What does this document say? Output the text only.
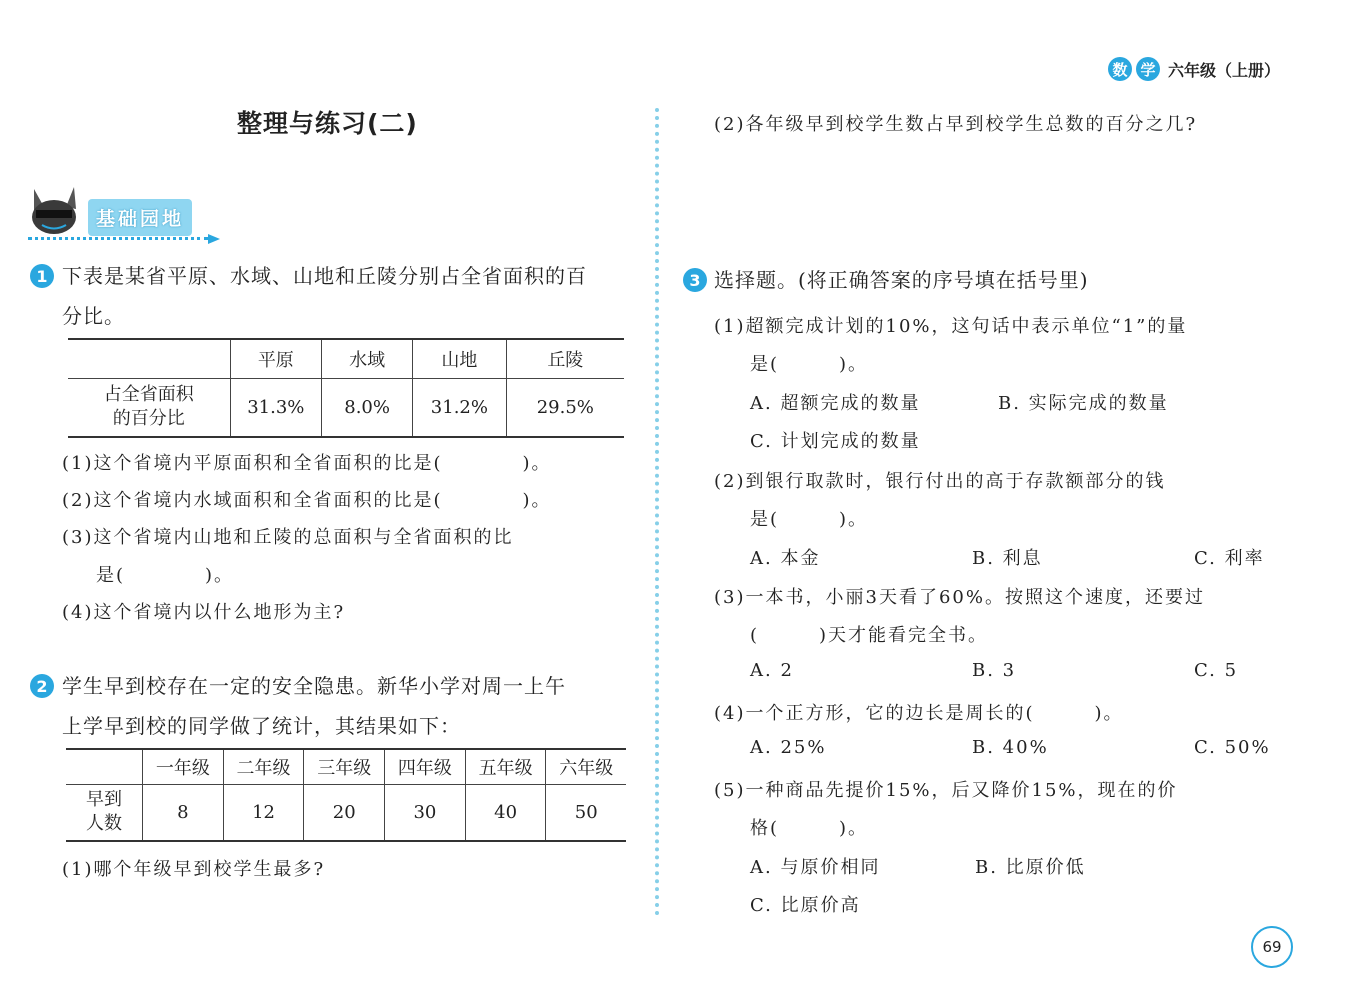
数 学 六年级（上册）
整理与练习(二)
基础园地
1 下表是某省平原、水域、山地和丘陵分别占全省面积的百
分比。
	平原	水域	山地	丘陵

占全省面积
的百分比	31.3%	8.0%	31.2%	29.5%
(1)这个省境内平原面积和全省面积的比是(　　　　)。
(2)这个省境内水域面积和全省面积的比是(　　　　)。
(3)这个省境内山地和丘陵的总面积与全省面积的比
是(　　　　)。
(4)这个省境内以什么地形为主?
2 学生早到校存在一定的安全隐患。新华小学对周一上午
上学早到校的同学做了统计，其结果如下：
	一年级	二年级	三年级	四年级	五年级	六年级

早到
人数	8	12	20	30	40	50
(1)哪个年级早到校学生最多?
(2)各年级早到校学生数占早到校学生总数的百分之几?
3 选择题。(将正确答案的序号填在括号里)
(1)超额完成计划的10%，这句话中表示单位“1”的量
是(　　　)。
A. 超额完成的数量	B. 实际完成的数量
C. 计划完成的数量
(2)到银行取款时，银行付出的高于存款额部分的钱
是(　　　)。
A. 本金	B. 利息	C. 利率
(3)一本书，小丽3天看了60%。按照这个速度，还要过
(　　　)天才能看完全书。
A. 2	B. 3	C. 5
(4)一个正方形，它的边长是周长的(　　　)。
A. 25%	B. 40%	C. 50%
(5)一种商品先提价15%，后又降价15%，现在的价
格(　　　)。
A. 与原价相同	B. 比原价低
C. 比原价高
69
